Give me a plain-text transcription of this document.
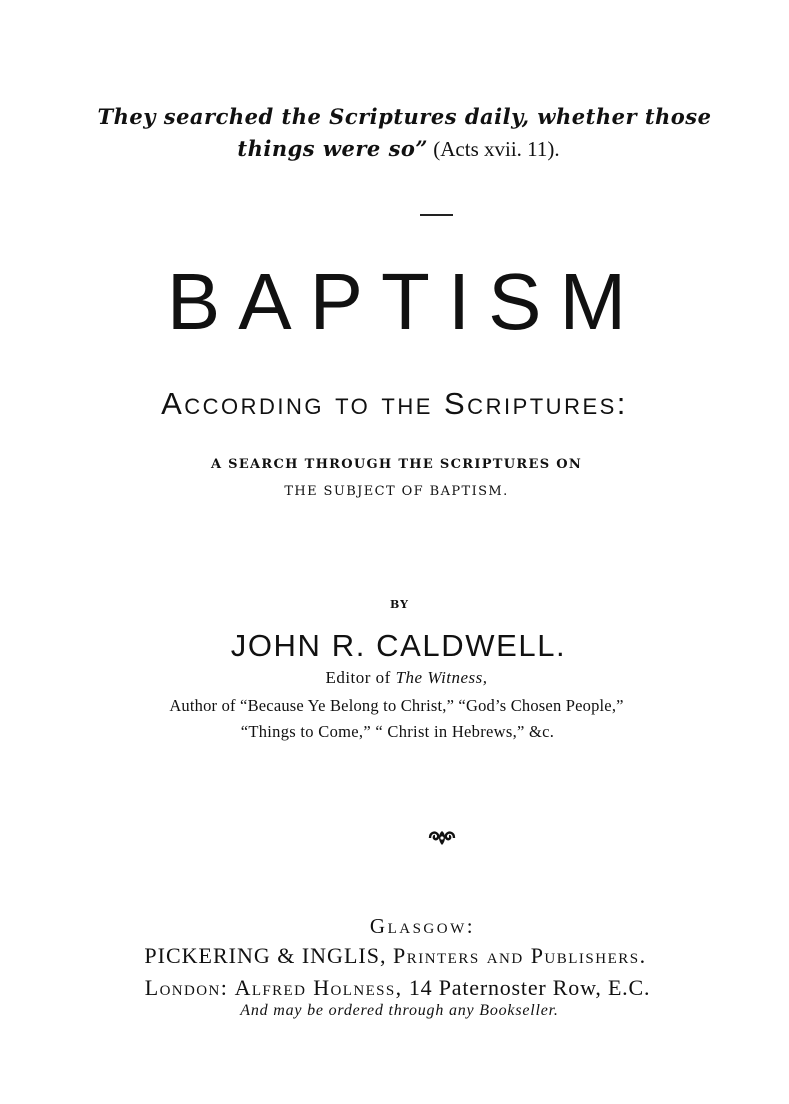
They searched the Scriptures daily, whether those
things were so” (Acts xvii. 11).
BAPTISM
According to the Scriptures:
A SEARCH THROUGH THE SCRIPTURES ON
THE SUBJECT OF BAPTISM.
BY
JOHN R. CALDWELL.
Editor of The Witness,
Author of “Because Ye Belong to Christ,” “God’s Chosen People,”
“Things to Come,” “ Christ in Hebrews,” &c.
Glasgow:
PICKERING & INGLIS, Printers and Publishers.
London: Alfred Holness, 14 Paternoster Row, E.C.
And may be ordered through any Bookseller.
